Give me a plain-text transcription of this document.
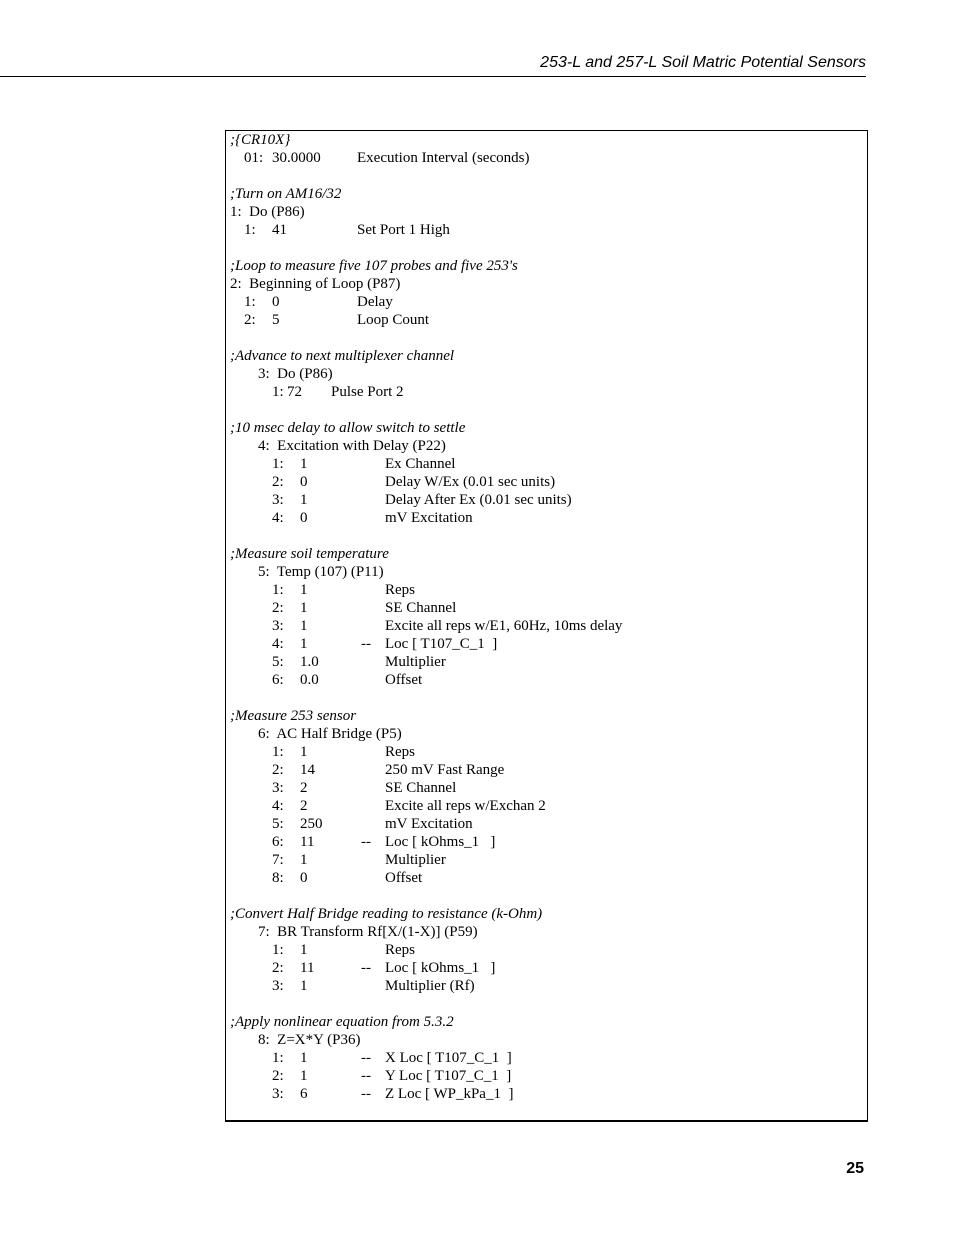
253-L and 257-L Soil Matric Potential Sensors
;{CR10X}
01: 30.0000 Execution Interval (seconds)
;Turn on AM16/32
1:  Do (P86)
1: 41	Set Port 1 High
;Loop to measure five 107 probes and five 253's
2:  Beginning of Loop (P87)
1: 0	Delay
2: 5	Loop Count
;Advance to next multiplexer channel
3:  Do (P86)
1: 72 Pulse Port 2
;10 msec delay to allow switch to settle
4:  Excitation with Delay (P22)
1: 1	Ex Channel
2: 0	Delay W/Ex (0.01 sec units)
3: 1	Delay After Ex (0.01 sec units)
4: 0	mV Excitation
;Measure soil temperature
5:  Temp (107) (P11)
1: 1	Reps
2: 1	SE Channel
3: 1	Excite all reps w/E1, 60Hz, 10ms delay
4: 1	-- Loc [ T107_C_1  ]
5: 1.0	Multiplier
6: 0.0	Offset
;Measure 253 sensor
6:  AC Half Bridge (P5)
1: 1	Reps
2: 14	250 mV Fast Range
3: 2	SE Channel
4: 2	Excite all reps w/Exchan 2
5: 250	mV Excitation
6: 11	-- Loc [ kOhms_1   ]
7: 1	Multiplier
8: 0	Offset
;Convert Half Bridge reading to resistance (k-Ohm)
7:  BR Transform Rf[X/(1-X)] (P59)
1: 1	Reps
2: 11	-- Loc [ kOhms_1   ]
3: 1	Multiplier (Rf)
;Apply nonlinear equation from 5.3.2
8:  Z=X*Y (P36)
1: 1	-- X Loc [ T107_C_1  ]
2: 1	-- Y Loc [ T107_C_1  ]
3: 6	-- Z Loc [ WP_kPa_1  ]
25
